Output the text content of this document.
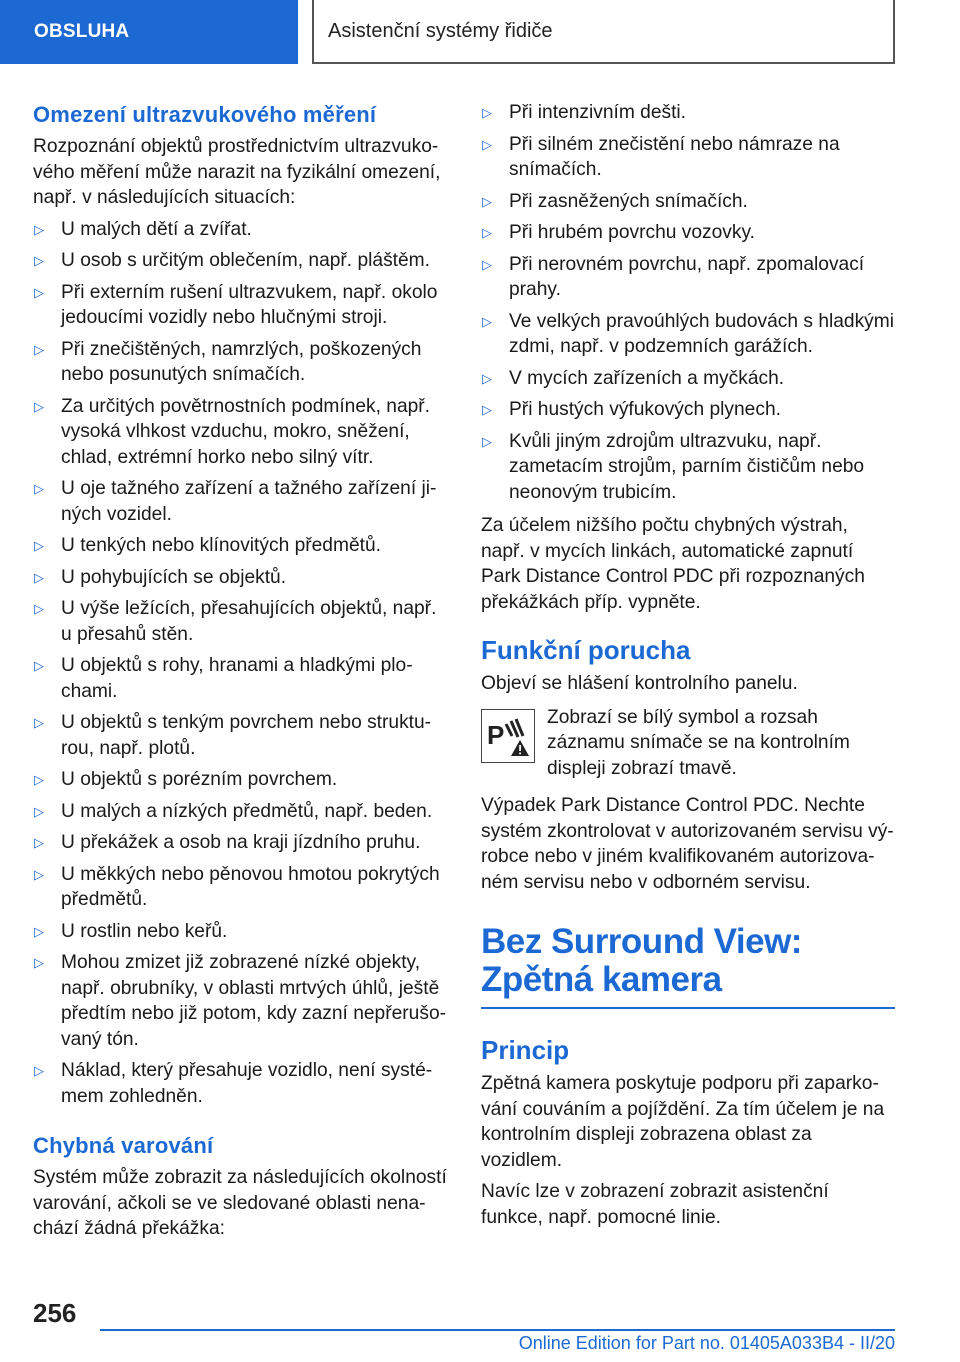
OBSLUHA	Asistenční systémy řidiče
Omezení ultrazvukového měření

Rozpoznání objektů prostřednictvím ultrazvukového měření může narazit na fyzikální omezení, např. v následujících situacích:

▷ U malých dětí a zvířat.
▷ U osob s určitým oblečením, např. pláštěm.
▷ Při externím rušení ultrazvukem, např. okolo jedoucími vozidly nebo hlučnými stroji.
▷ Při znečištěných, namrzlých, poškozených nebo posunutých snímačích.
▷ Za určitých povětrnostních podmínek, např. vysoká vlhkost vzduchu, mokro, sněžení, chlad, extrémní horko nebo silný vítr.
▷ U oje tažného zařízení a tažného zařízení jiných vozidel.
▷ U tenkých nebo klínovitých předmětů.
▷ U pohybujících se objektů.
▷ U výše ležících, přesahujících objektů, např. u přesahů stěn.
▷ U objektů s rohy, hranami a hladkými plochami.
▷ U objektů s tenkým povrchem nebo strukturou, např. plotů.
▷ U objektů s porézním povrchem.
▷ U malých a nízkých předmětů, např. beden.
▷ U překážek a osob na kraji jízdního pruhu.
▷ U měkkých nebo pěnovou hmotou pokrytých předmětů.
▷ U rostlin nebo keřů.
▷ Mohou zmizet již zobrazené nízké objekty, např. obrubníky, v oblasti mrtvých úhlů, ještě předtím nebo již potom, kdy zazní nepřerušovaný tón.
▷ Náklad, který přesahuje vozidlo, není systémem zohledněn.
Chybná varování

Systém může zobrazit za následujících okolností varování, ačkoli se ve sledované oblasti nenachází žádná překážka:

▷ Při intenzivním dešti.
▷ Při silném znečistění nebo námraze na snímačích.
▷ Při zasněžených snímačích.
▷ Při hrubém povrchu vozovky.
▷ Při nerovném povrchu, např. zpomalovací prahy.
▷ Ve velkých pravoúhlých budovách s hladkými zdmi, např. v podzemních garážích.
▷ V mycích zařízeních a myčkách.
▷ Při hustých výfukových plynech.
▷ Kvůli jiným zdrojům ultrazvuku, např. zametacím strojům, parním čističům nebo neonovým trubicím.

Za účelem nižšího počtu chybných výstrah, např. v mycích linkách, automatické zapnutí Park Distance Control PDC při rozpoznaných překážkách příp. vypněte.

Funkční porucha

Objeví se hlášení kontrolního panelu.

P
Zobrazí se bílý symbol a rozsah záznamu snímače se na kontrolním displeji zobrazí tmavě.

Výpadek Park Distance Control PDC. Nechte systém zkontrolovat v autorizovaném servisu výrobce nebo v jiném kvalifikovaném autorizovaném servisu nebo v odborném servisu.

Bez Surround View: Zpětná kamera
Princip

Zpětná kamera poskytuje podporu při zaparkování couváním a pojíždění. Za tím účelem je na kontrolním displeji zobrazena oblast za vozidlem.

Navíc lze v zobrazení zobrazit asistenční funkce, např. pomocné linie.

256
Online Edition for Part no. 01405A033B4 - II/20
